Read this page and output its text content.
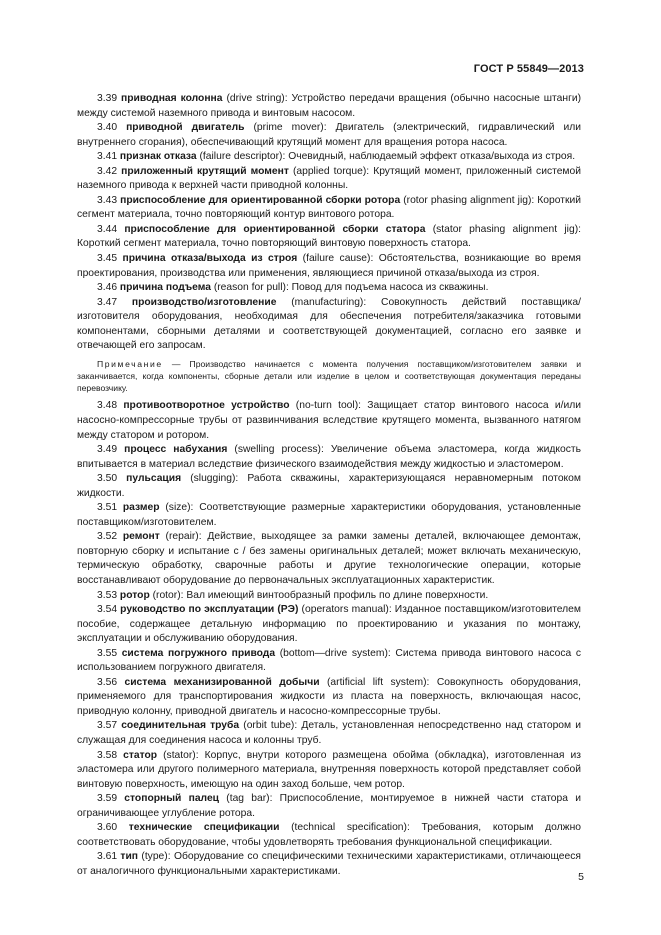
ГОСТ Р 55849—2013

3.39 приводная колонна (drive string): Устройство передачи вращения (обычно насосные штанги) между системой наземного привода и винтовым насосом.

3.40 приводной двигатель (prime mover): Двигатель (электрический, гидравлический или внутреннего сгорания), обеспечивающий крутящий момент для вращения ротора насоса.

3.41 признак отказа (failure descriptor): Очевидный, наблюдаемый эффект отказа/выхода из строя.

3.42 приложенный крутящий момент (applied torque): Крутящий момент, приложенный системой наземного привода к верхней части приводной колонны.

3.43 приспособление для ориентированной сборки ротора (rotor phasing alignment jig): Короткий сегмент материала, точно повторяющий контур винтового ротора.

3.44 приспособление для ориентированной сборки статора (stator phasing alignment jig): Короткий сегмент материала, точно повторяющий винтовую поверхность статора.

3.45 причина отказа/выхода из строя (failure cause): Обстоятельства, возникающие во время проектирования, производства или применения, являющиеся причиной отказа/выхода из строя.

3.46 причина подъема (reason for pull): Повод для подъема насоса из скважины.

3.47 производство/изготовление (manufacturing): Совокупность действий поставщика/изготовителя оборудования, необходимая для обеспечения потребителя/заказчика готовыми компонентами, сборными деталями и соответствующей документацией, согласно его заявке и отвечающей его запросам.

Примечание — Производство начинается с момента получения поставщиком/изготовителем заявки и заканчивается, когда компоненты, сборные детали или изделие в целом и соответствующая документация переданы перевозчику.

3.48 противоотворотное устройство (no-turn tool): Защищает статор винтового насоса и/или насосно-компрессорные трубы от развинчивания вследствие крутящего момента, вызванного натягом между статором и ротором.

3.49 процесс набухания (swelling process): Увеличение объема эластомера, когда жидкость впитывается в материал вследствие физического взаимодействия между жидкостью и эластомером.

3.50 пульсация (slugging): Работа скважины, характеризующаяся неравномерным потоком жидкости.

3.51 размер (size): Соответствующие размерные характеристики оборудования, установленные поставщиком/изготовителем.

3.52 ремонт (repair): Действие, выходящее за рамки замены деталей, включающее демонтаж, повторную сборку и испытание с / без замены оригинальных деталей; может включать механическую, термическую обработку, сварочные работы и другие технологические операции, которые восстанавливают оборудование до первоначальных эксплуатационных характеристик.

3.53 ротор (rotor): Вал имеющий винтообразный профиль по длине поверхности.

3.54 руководство по эксплуатации (РЭ) (operators manual): Изданное поставщиком/изготовителем пособие, содержащее детальную информацию по проектированию и указания по монтажу, эксплуатации и обслуживанию оборудования.

3.55 система погружного привода (bottom—drive system): Система привода винтового насоса с использованием погружного двигателя.

3.56 система механизированной добычи (artificial lift system): Совокупность оборудования, применяемого для транспортирования жидкости из пласта на поверхность, включающая насос, приводную колонну, приводной двигатель и насосно-компрессорные трубы.

3.57 соединительная труба (orbit tube): Деталь, установленная непосредственно над статором и служащая для соединения насоса и колонны труб.

3.58 статор (stator): Корпус, внутри которого размещена обойма (обкладка), изготовленная из эластомера или другого полимерного материала, внутренняя поверхность которой представляет собой винтовую поверхность, имеющую на один заход больше, чем ротор.

3.59 стопорный палец (tag bar): Приспособление, монтируемое в нижней части статора и ограничивающее углубление ротора.

3.60 технические спецификации (technical specification): Требования, которым должно соответствовать оборудование, чтобы удовлетворять требования функциональной спецификации.

3.61 тип (type): Оборудование со специфическими техническими характеристиками, отличающееся от аналогичного функциональными характеристиками.	5
